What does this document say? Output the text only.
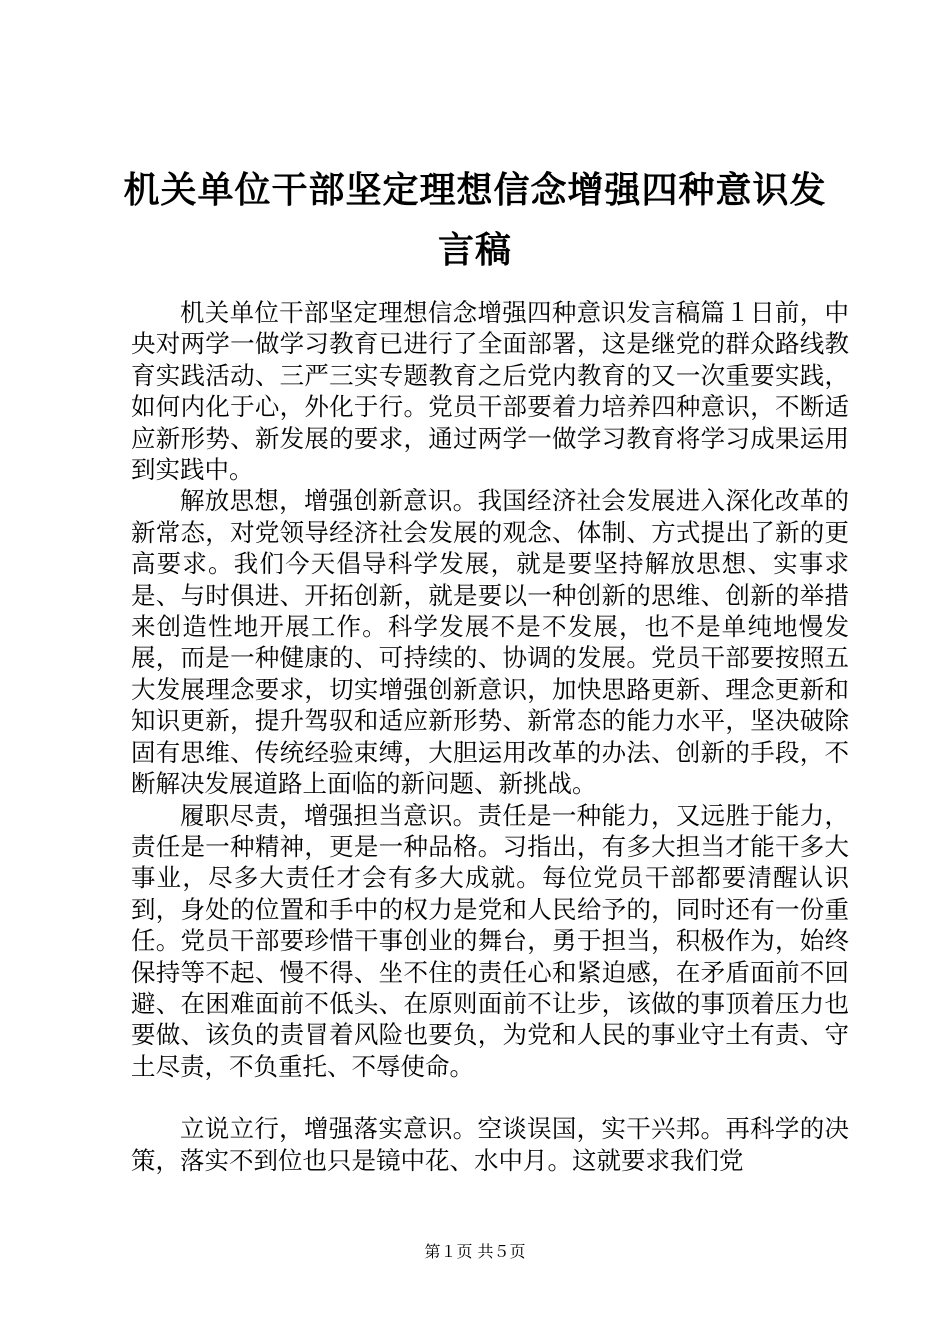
机关单位干部坚定理想信念增强四种意识发言稿

机关单位干部坚定理想信念增强四种意识发言稿篇１日前，中央对两学一做学习教育已进行了全面部署，这是继党的群众路线教育实践活动、三严三实专题教育之后党内教育的又一次重要实践，如何内化于心，外化于行。党员干部要着力培养四种意识，不断适应新形势、新发展的要求，通过两学一做学习教育将学习成果运用到实践中。

解放思想，增强创新意识。我国经济社会发展进入深化改革的新常态，对党领导经济社会发展的观念、体制、方式提出了新的更高要求。我们今天倡导科学发展，就是要坚持解放思想、实事求是、与时俱进、开拓创新，就是要以一种创新的思维、创新的举措来创造性地开展工作。科学发展不是不发展，也不是单纯地慢发展，而是一种健康的、可持续的、协调的发展。党员干部要按照五大发展理念要求，切实增强创新意识，加快思路更新、理念更新和知识更新，提升驾驭和适应新形势、新常态的能力水平，坚决破除固有思维、传统经验束缚，大胆运用改革的办法、创新的手段，不断解决发展道路上面临的新问题、新挑战。

履职尽责，增强担当意识。责任是一种能力，又远胜于能力，责任是一种精神，更是一种品格。习指出，有多大担当才能干多大事业，尽多大责任才会有多大成就。每位党员干部都要清醒认识到，身处的位置和手中的权力是党和人民给予的，同时还有一份重任。党员干部要珍惜干事创业的舞台，勇于担当，积极作为，始终保持等不起、慢不得、坐不住的责任心和紧迫感，在矛盾面前不回避、在困难面前不低头、在原则面前不让步，该做的事顶着压力也要做、该负的责冒着风险也要负，为党和人民的事业守土有责、守土尽责，不负重托、不辱使命。

立说立行，增强落实意识。空谈误国，实干兴邦。再科学的决策，落实不到位也只是镜中花、水中月。这就要求我们党

第１页 共５页
